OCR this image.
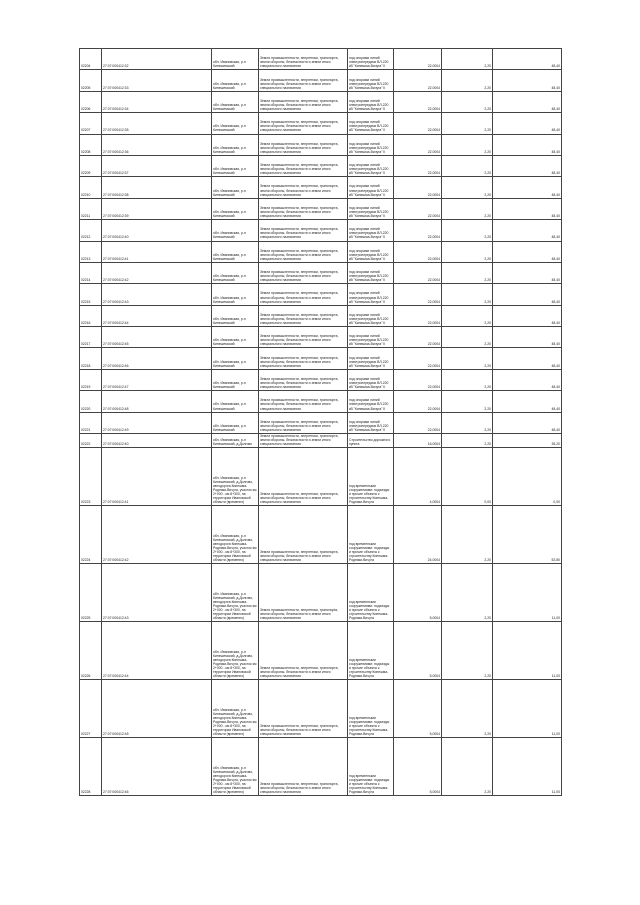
02204	27:07:000412:32	обл. Ивановская, р-н Кинешемский	Земли промышленности, энергетики, транспорта, земли обороны, безопасности и земли иного специального назначения	под опорами линий электропередачи ВЛ-220 кВ "Кинешма-Вичуга" II	22,0004	2,20	48,40
02205	27:07:000412:33	обл. Ивановская, р-н Кинешемский	Земли промышленности, энергетики, транспорта, земли обороны, безопасности и земли иного специального назначения	под опорами линий электропередачи ВЛ-220 кВ "Кинешма-Вичуга" II	22,0004	2,20	48,40
02206	27:07:000412:34	обл. Ивановская, р-н Кинешемский	Земли промышленности, энергетики, транспорта, земли обороны, безопасности и земли иного специального назначения	под опорами линий электропередачи ВЛ-220 кВ "Кинешма-Вичуга" II	22,0004	2,20	48,40
02207	27:07:000412:35	обл. Ивановская, р-н Кинешемский	Земли промышленности, энергетики, транспорта, земли обороны, безопасности и земли иного специального назначения	под опорами линий электропередачи ВЛ-220 кВ "Кинешма-Вичуга" II	22,0004	2,20	48,40
02208	27:07:000412:36	обл. Ивановская, р-н Кинешемский	Земли промышленности, энергетики, транспорта, земли обороны, безопасности и земли иного специального назначения	под опорами линий электропередачи ВЛ-220 кВ "Кинешма-Вичуга" II	22,0004	2,20	48,40
02209	27:07:000412:37	обл. Ивановская, р-н Кинешемский	Земли промышленности, энергетики, транспорта, земли обороны, безопасности и земли иного специального назначения	под опорами линий электропередачи ВЛ-220 кВ "Кинешма-Вичуга" II	22,0004	2,20	48,40
02210	27:07:000412:38	обл. Ивановская, р-н Кинешемский	Земли промышленности, энергетики, транспорта, земли обороны, безопасности и земли иного специального назначения	под опорами линий электропередачи ВЛ-220 кВ "Кинешма-Вичуга" II	22,0004	2,20	48,40
02211	27:07:000412:39	обл. Ивановская, р-н Кинешемский	Земли промышленности, энергетики, транспорта, земли обороны, безопасности и земли иного специального назначения	под опорами линий электропередачи ВЛ-220 кВ "Кинешма-Вичуга" II	22,0004	2,20	48,40
02212	27:07:000412:40	обл. Ивановская, р-н Кинешемский	Земли промышленности, энергетики, транспорта, земли обороны, безопасности и земли иного специального назначения	под опорами линий электропередачи ВЛ-220 кВ "Кинешма-Вичуга" II	22,0004	2,20	48,40
02213	27:07:000412:41	обл. Ивановская, р-н Кинешемский	Земли промышленности, энергетики, транспорта, земли обороны, безопасности и земли иного специального назначения	под опорами линий электропередачи ВЛ-220 кВ "Кинешма-Вичуга" II	22,0004	2,20	48,40
02214	27:07:000412:42	обл. Ивановская, р-н Кинешемский	Земли промышленности, энергетики, транспорта, земли обороны, безопасности и земли иного специального назначения	под опорами линий электропередачи ВЛ-220 кВ "Кинешма-Вичуга" II	22,0004	2,20	48,40
02215	27:07:000412:43	обл. Ивановская, р-н Кинешемский	Земли промышленности, энергетики, транспорта, земли обороны, безопасности и земли иного специального назначения	под опорами линий электропередачи ВЛ-220 кВ "Кинешма-Вичуга" II	22,0004	2,20	48,40
02216	27:07:000412:44	обл. Ивановская, р-н Кинешемский	Земли промышленности, энергетики, транспорта, земли обороны, безопасности и земли иного специального назначения	под опорами линий электропередачи ВЛ-220 кВ "Кинешма-Вичуга" II	22,0004	2,20	48,40
02217	27:07:000412:45	обл. Ивановская, р-н Кинешемский	Земли промышленности, энергетики, транспорта, земли обороны, безопасности и земли иного специального назначения	под опорами линий электропередачи ВЛ-220 кВ "Кинешма-Вичуга" II	22,0004	2,20	48,40
02218	27:07:000412:46	обл. Ивановская, р-н Кинешемский	Земли промышленности, энергетики, транспорта, земли обороны, безопасности и земли иного специального назначения	под опорами линий электропередачи ВЛ-220 кВ "Кинешма-Вичуга" II	22,0004	2,20	48,40
02219	27:07:000412:47	обл. Ивановская, р-н Кинешемский	Земли промышленности, энергетики, транспорта, земли обороны, безопасности и земли иного специального назначения	под опорами линий электропередачи ВЛ-220 кВ "Кинешма-Вичуга" II	22,0004	2,20	48,40
02220	27:07:000412:48	обл. Ивановская, р-н Кинешемский	Земли промышленности, энергетики, транспорта, земли обороны, безопасности и земли иного специального назначения	под опорами линий электропередачи ВЛ-220 кВ "Кинешма-Вичуга" II	22,0004	2,20	48,40
02221	27:07:000412:49	обл. Ивановская, р-н Кинешемский	Земли промышленности, энергетики, транспорта, земли обороны, безопасности и земли иного специального назначения	под опорами линий электропередачи ВЛ-220 кВ "Кинешма-Вичуга" II	22,0004	2,20	48,40
02222	27:07:000412:40	обл. Ивановская, р-н Кинешемский, д.Долгово	Земли промышленности, энергетики, транспорта, земли обороны, безопасности и земли иного специального назначения	Строительство дорожного пункта	16,0004	2,20	35,20
02223	27:07:000412:41	обл. Ивановская, р-н Кинешемский, д.Долгово, автодорога Кинешма-Родники-Вичуга, участок км 2+000 - км 8+300, на территории Ивановской области (временно)	Земли промышленности, энергетики, транспорта, земли обороны, безопасности и земли иного специального назначения	под временными сооружениями: подъезды и прочие объекты к строительству Кинешма-Родники-Вичуга	4,0004	0,00	0,00
02224	27:07:000412:42	обл. Ивановская, р-н Кинешемский, д.Долгово, автодорога Кинешма-Родники-Вичуга, участок км 2+000 - км 8+300, на территории Ивановской области (временно)	Земли промышленности, энергетики, транспорта, земли обороны, безопасности и земли иного специального назначения	под временными сооружениями: подъезды и прочие объекты к строительству Кинешма-Родники-Вичуга	24,0004	2,20	52,80
02225	27:07:000412:43	обл. Ивановская, р-н Кинешемский, д.Долгово, автодорога Кинешма-Родники-Вичуга, участок км 2+000 - км 8+300, на территории Ивановской области (временно)	Земли промышленности, энергетики, транспорta, земли обороны, безопасности и земли иного специального назначения	под временными сооружениями: подъезды и прочие объекты к строительству Кинешма-Родники-Вичуга	5,0004	2,20	11,00
02226	27:07:000412:44	обл. Ивановская, р-н Кинешемский, д.Долгово, автодорога Кинешма-Родники-Вичуга, участок км 2+000 - км 8+300, на территории Ивановской области (временно)	Земли промышленности, энергетики, транспорта, земли обороны, безопасности и земли иного специального назначения	под временными сооружениями: подъезды и прочие объекты к строительству Кинешма-Родники-Вичуга	5,0004	2,20	11,00
02227	27:07:000412:45	обл. Ивановская, р-н Кинешемский, д.Долгово, автодорога Кинешма-Родники-Вичуга, участок км 2+000 - км 8+300, на территории Ивановской области (временно)	Земли промышленности, энергетики, транспорта, земли обороны, безопасности и земли иного специального назначения	под временными сооружениями: подъезды и прочие объекты к строительству Кинешма-Родники-Вичуга	5,0004	2,20	11,00
02228	27:07:000412:46	обл. Ивановская, р-н Кинешемский, д.Долгово, автодорога Кинешма-Родники-Вичуга, участок км 2+000 - км 8+300, на территории Ивановской области (временно)	Земли промышленности, энергетики, транспорта, земли обороны, безопасности и земли иного специального назначения	под временными сооружениями: подъезды и прочие объекты к строительству Кинешма-Родники-Вичуга	5,0004	2,20	11,00
